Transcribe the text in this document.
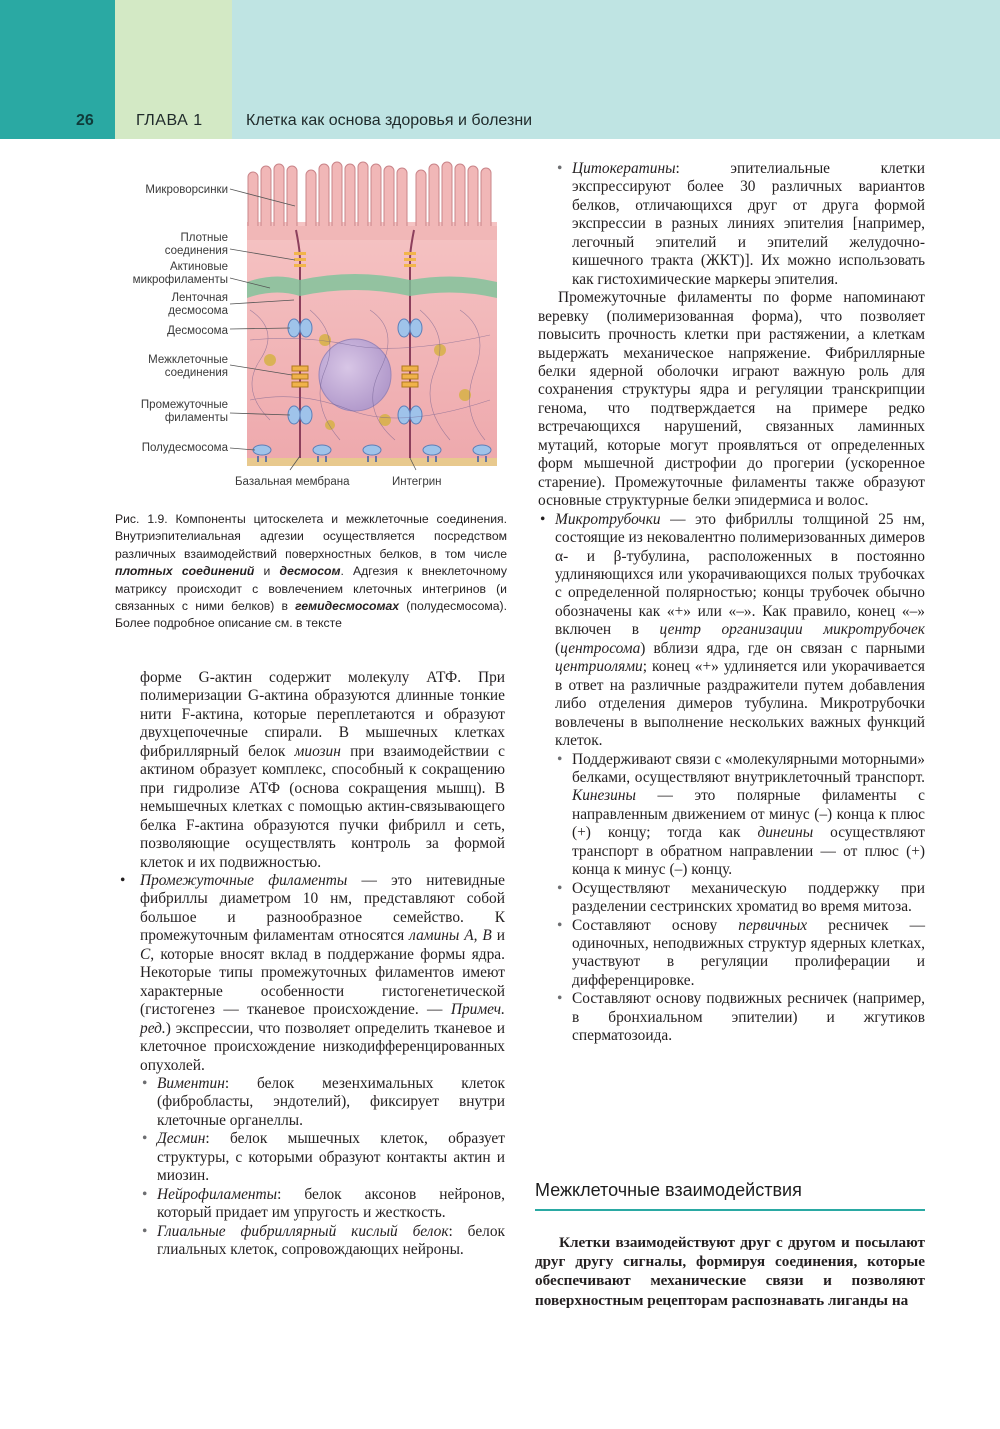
26	ГЛАВА 1	Клетка как основа здоровья и болезни
Микроворсинки
Плотные
соединения
Актиновые
микрофиламенты
Ленточная
десмосома
Десмосома
Межклеточные
соединения
Промежуточные
филаменты
Полудесмосома
Базальная мембрана	Интегрин
Рис. 1.9. Компоненты цитоскелета и межклеточные соединения. Внутриэпителиальная адгезии осуществляется посредством различных взаимодействий поверхностных белков, в том числе плотных соединений и десмосом. Адгезия к внеклеточному матриксу происходит с вовлечением клеточных интегринов (и связанных с ними белков) в гемидесмосомах (полудесмосома). Более подробное описание см. в тексте

форме G-актин содержит молекулу АТФ. При полимеризации G-актина образуются длинные тонкие нити F-актина, которые переплетаются и образуют двухцепочечные спирали. В мышечных клетках фибриллярный белок миозин при взаимодействии с актином образует комплекс, способный к сокращению при гидролизе АТФ (основа сокращения мышц). В немышечных клетках с помощью актин-связывающего белка F-актина образуются пучки фибрилл и сеть, позволяющие осуществлять контроль за формой клеток и их подвижностью.

• Промежуточные филаменты — это нитевидные фибриллы диаметром 10 нм, представляют собой большое и разнообразное семейство. К промежуточным филаментам относятся ламины A, B и C, которые вносят вклад в поддержание формы ядра. Некоторые типы промежуточных филаментов имеют характерные особенности гистогенетической (гистогенез — тканевое происхождение. — Примеч. ред.) экспрессии, что позволяет определить тканевое и клеточное происхождение низкодифференцированных опухолей.

• Виментин: белок мезенхимальных клеток (фибробласты, эндотелий), фиксирует внутри клеточные органеллы.

• Десмин: белок мышечных клеток, образует структуры, с которыми образуют контакты актин и миозин.

• Нейрофиламенты: белок аксонов нейронов, который придает им упругость и жесткость.

• Глиальные фибриллярный кислый белок: белок глиальных клеток, сопровождающих нейроны.

• Цитокератины: эпителиальные клетки экспрессируют более 30 различных вариантов белков, отличающихся друг от друга формой экспрессии в разных линиях эпителия [например, легочный эпителий и эпителий желудочно-кишечного тракта (ЖКТ)]. Их можно использовать как гистохимические маркеры эпителия.

Промежуточные филаменты по форме напоминают веревку (полимеризованная форма), что позволяет повысить прочность клетки при растяжении, а клеткам выдержать механическое напряжение. Фибриллярные белки ядерной оболочки играют важную роль для сохранения структуры ядра и регуляции транскрипции генома, что подтверждается на примере редко встречающихся нарушений, связанных ламинных мутаций, которые могут проявляться от определенных форм мышечной дистрофии до прогерии (ускоренное старение). Промежуточные филаменты также образуют основные структурные белки эпидермиса и волос.

• Микротрубочки — это фибриллы толщиной 25 нм, состоящие из нековалентно полимеризованных димеров α- и β-тубулина, расположенных в постоянно удлиняющихся или укорачивающихся полых трубочках с определенной полярностью; концы трубочек обычно обозначены как «+» или «–». Как правило, конец «–» включен в центр организации микротрубочек (центросома) вблизи ядра, где он связан с парными центриолями; конец «+» удлиняется или укорачивается в ответ на различные раздражители путем добавления либо отделения димеров тубулина. Микротрубочки вовлечены в выполнение нескольких важных функций клеток.

• Поддерживают связи с «молекулярными моторными» белками, осуществляют внутриклеточный транспорт. Кинезины — это полярные филаменты с направленным движением от минус (–) конца к плюс (+) концу; тогда как динеины осуществляют транспорт в обратном направлении — от плюс (+) конца к минус (–) концу.

• Осуществляют механическую поддержку при разделении сестринских хроматид во время митоза.

• Составляют основу первичных ресничек — одиночных, неподвижных структур ядерных клетках, участвуют в регуляции пролиферации и дифференцировке.

• Составляют основу подвижных ресничек (например, в бронхиальном эпителии) и жгутиков сперматозоида.

Межклеточные взаимодействия
Клетки взаимодействуют друг с другом и посылают друг другу сигналы, формируя соединения, которые обеспечивают механические связи и позволяют поверхностным рецепторам распознавать лиганды на
